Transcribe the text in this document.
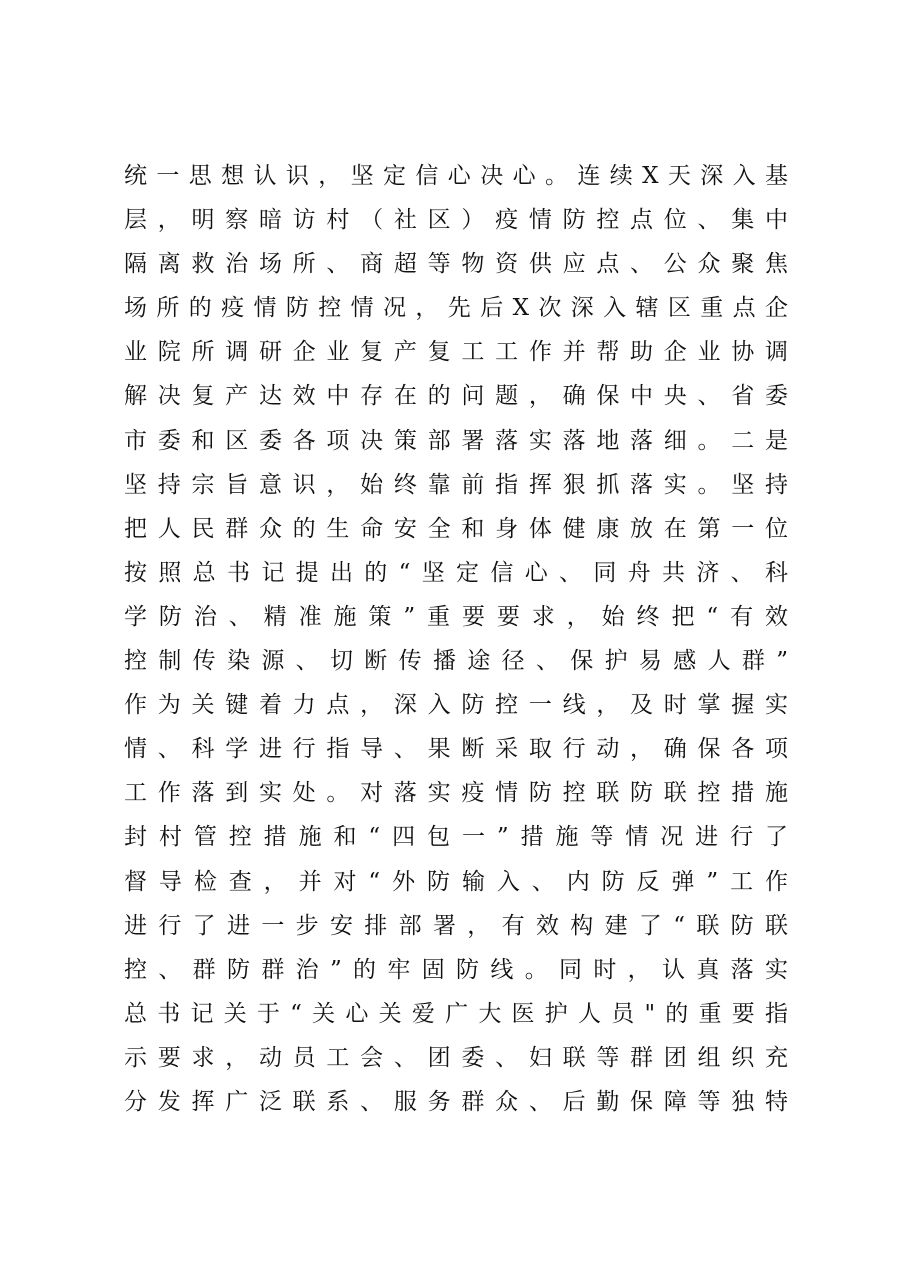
统一思想认识，坚定信心决心。连续X天深入基
层，明察暗访村（社区）疫情防控点位、集中
隔离救治场所、商超等物资供应点、公众聚焦
场所的疫情防控情况，先后X次深入辖区重点企
业院所调研企业复产复工工作并帮助企业协调
解决复产达效中存在的问题，确保中央、省委
市委和区委各项决策部署落实落地落细。二是
坚持宗旨意识，始终靠前指挥狠抓落实。坚持
把人民群众的生命安全和身体健康放在第一位
按照总书记提出的“坚定信心、同舟共济、科
学防治、精准施策”重要要求，始终把“有效
控制传染源、切断传播途径、保护易感人群”
作为关键着力点，深入防控一线，及时掌握实
情、科学进行指导、果断采取行动，确保各项
工作落到实处。对落实疫情防控联防联控措施
封村管控措施和“四包一”措施等情况进行了
督导检查，并对“外防输入、内防反弹”工作
进行了进一步安排部署，有效构建了“联防联
控、群防群治”的牢固防线。同时，认真落实
总书记关于“关心关爱广大医护人员"的重要指
示要求，动员工会、团委、妇联等群团组织充
分发挥广泛联系、服务群众、后勤保障等独特
